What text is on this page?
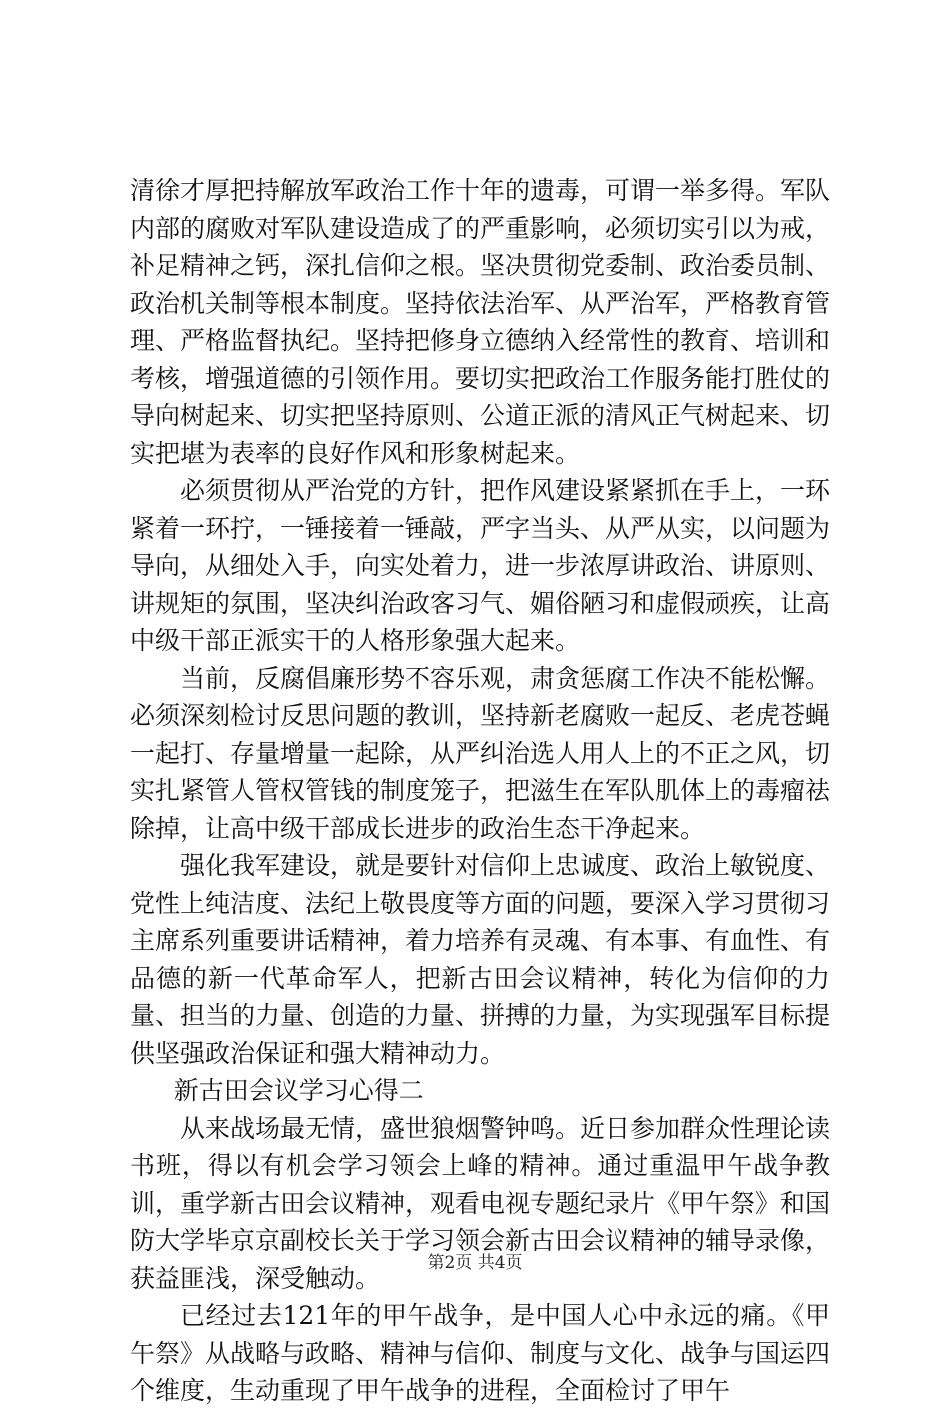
清徐才厚把持解放军政治工作十年的遗毒，可谓一举多得。军队内部的腐败对军队建设造成了的严重影响，必须切实引以为戒，补足精神之钙，深扎信仰之根。坚决贯彻党委制、政治委员制、政治机关制等根本制度。坚持依法治军、从严治军，严格教育管理、严格监督执纪。坚持把修身立德纳入经常性的教育、培训和考核，增强道德的引领作用。要切实把政治工作服务能打胜仗的导向树起来、切实把坚持原则、公道正派的清风正气树起来、切实把堪为表率的良好作风和形象树起来。

必须贯彻从严治党的方针，把作风建设紧紧抓在手上，一环紧着一环拧，一锤接着一锤敲，严字当头、从严从实，以问题为导向，从细处入手，向实处着力，进一步浓厚讲政治、讲原则、讲规矩的氛围，坚决纠治政客习气、媚俗陋习和虚假顽疾，让高中级干部正派实干的人格形象强大起来。

当前，反腐倡廉形势不容乐观，肃贪惩腐工作决不能松懈。必须深刻检讨反思问题的教训，坚持新老腐败一起反、老虎苍蝇一起打、存量增量一起除，从严纠治选人用人上的不正之风，切实扎紧管人管权管钱的制度笼子，把滋生在军队肌体上的毒瘤祛除掉，让高中级干部成长进步的政治生态干净起来。

强化我军建设，就是要针对信仰上忠诚度、政治上敏锐度、党性上纯洁度、法纪上敬畏度等方面的问题，要深入学习贯彻习主席系列重要讲话精神，着力培养有灵魂、有本事、有血性、有品德的新一代革命军人，把新古田会议精神，转化为信仰的力量、担当的力量、创造的力量、拼搏的力量，为实现强军目标提供坚强政治保证和强大精神动力。

新古田会议学习心得二

从来战场最无情，盛世狼烟警钟鸣。近日参加群众性理论读书班，得以有机会学习领会上峰的精神。通过重温甲午战争教训，重学新古田会议精神，观看电视专题纪录片《甲午祭》和国防大学毕京京副校长关于学习领会新古田会议精神的辅导录像，获益匪浅，深受触动。

已经过去121年的甲午战争，是中国人心中永远的痛。《甲午祭》从战略与政略、精神与信仰、制度与文化、战争与国运四个维度，生动重现了甲午战争的进程，全面检讨了甲午

第2页 共4页
